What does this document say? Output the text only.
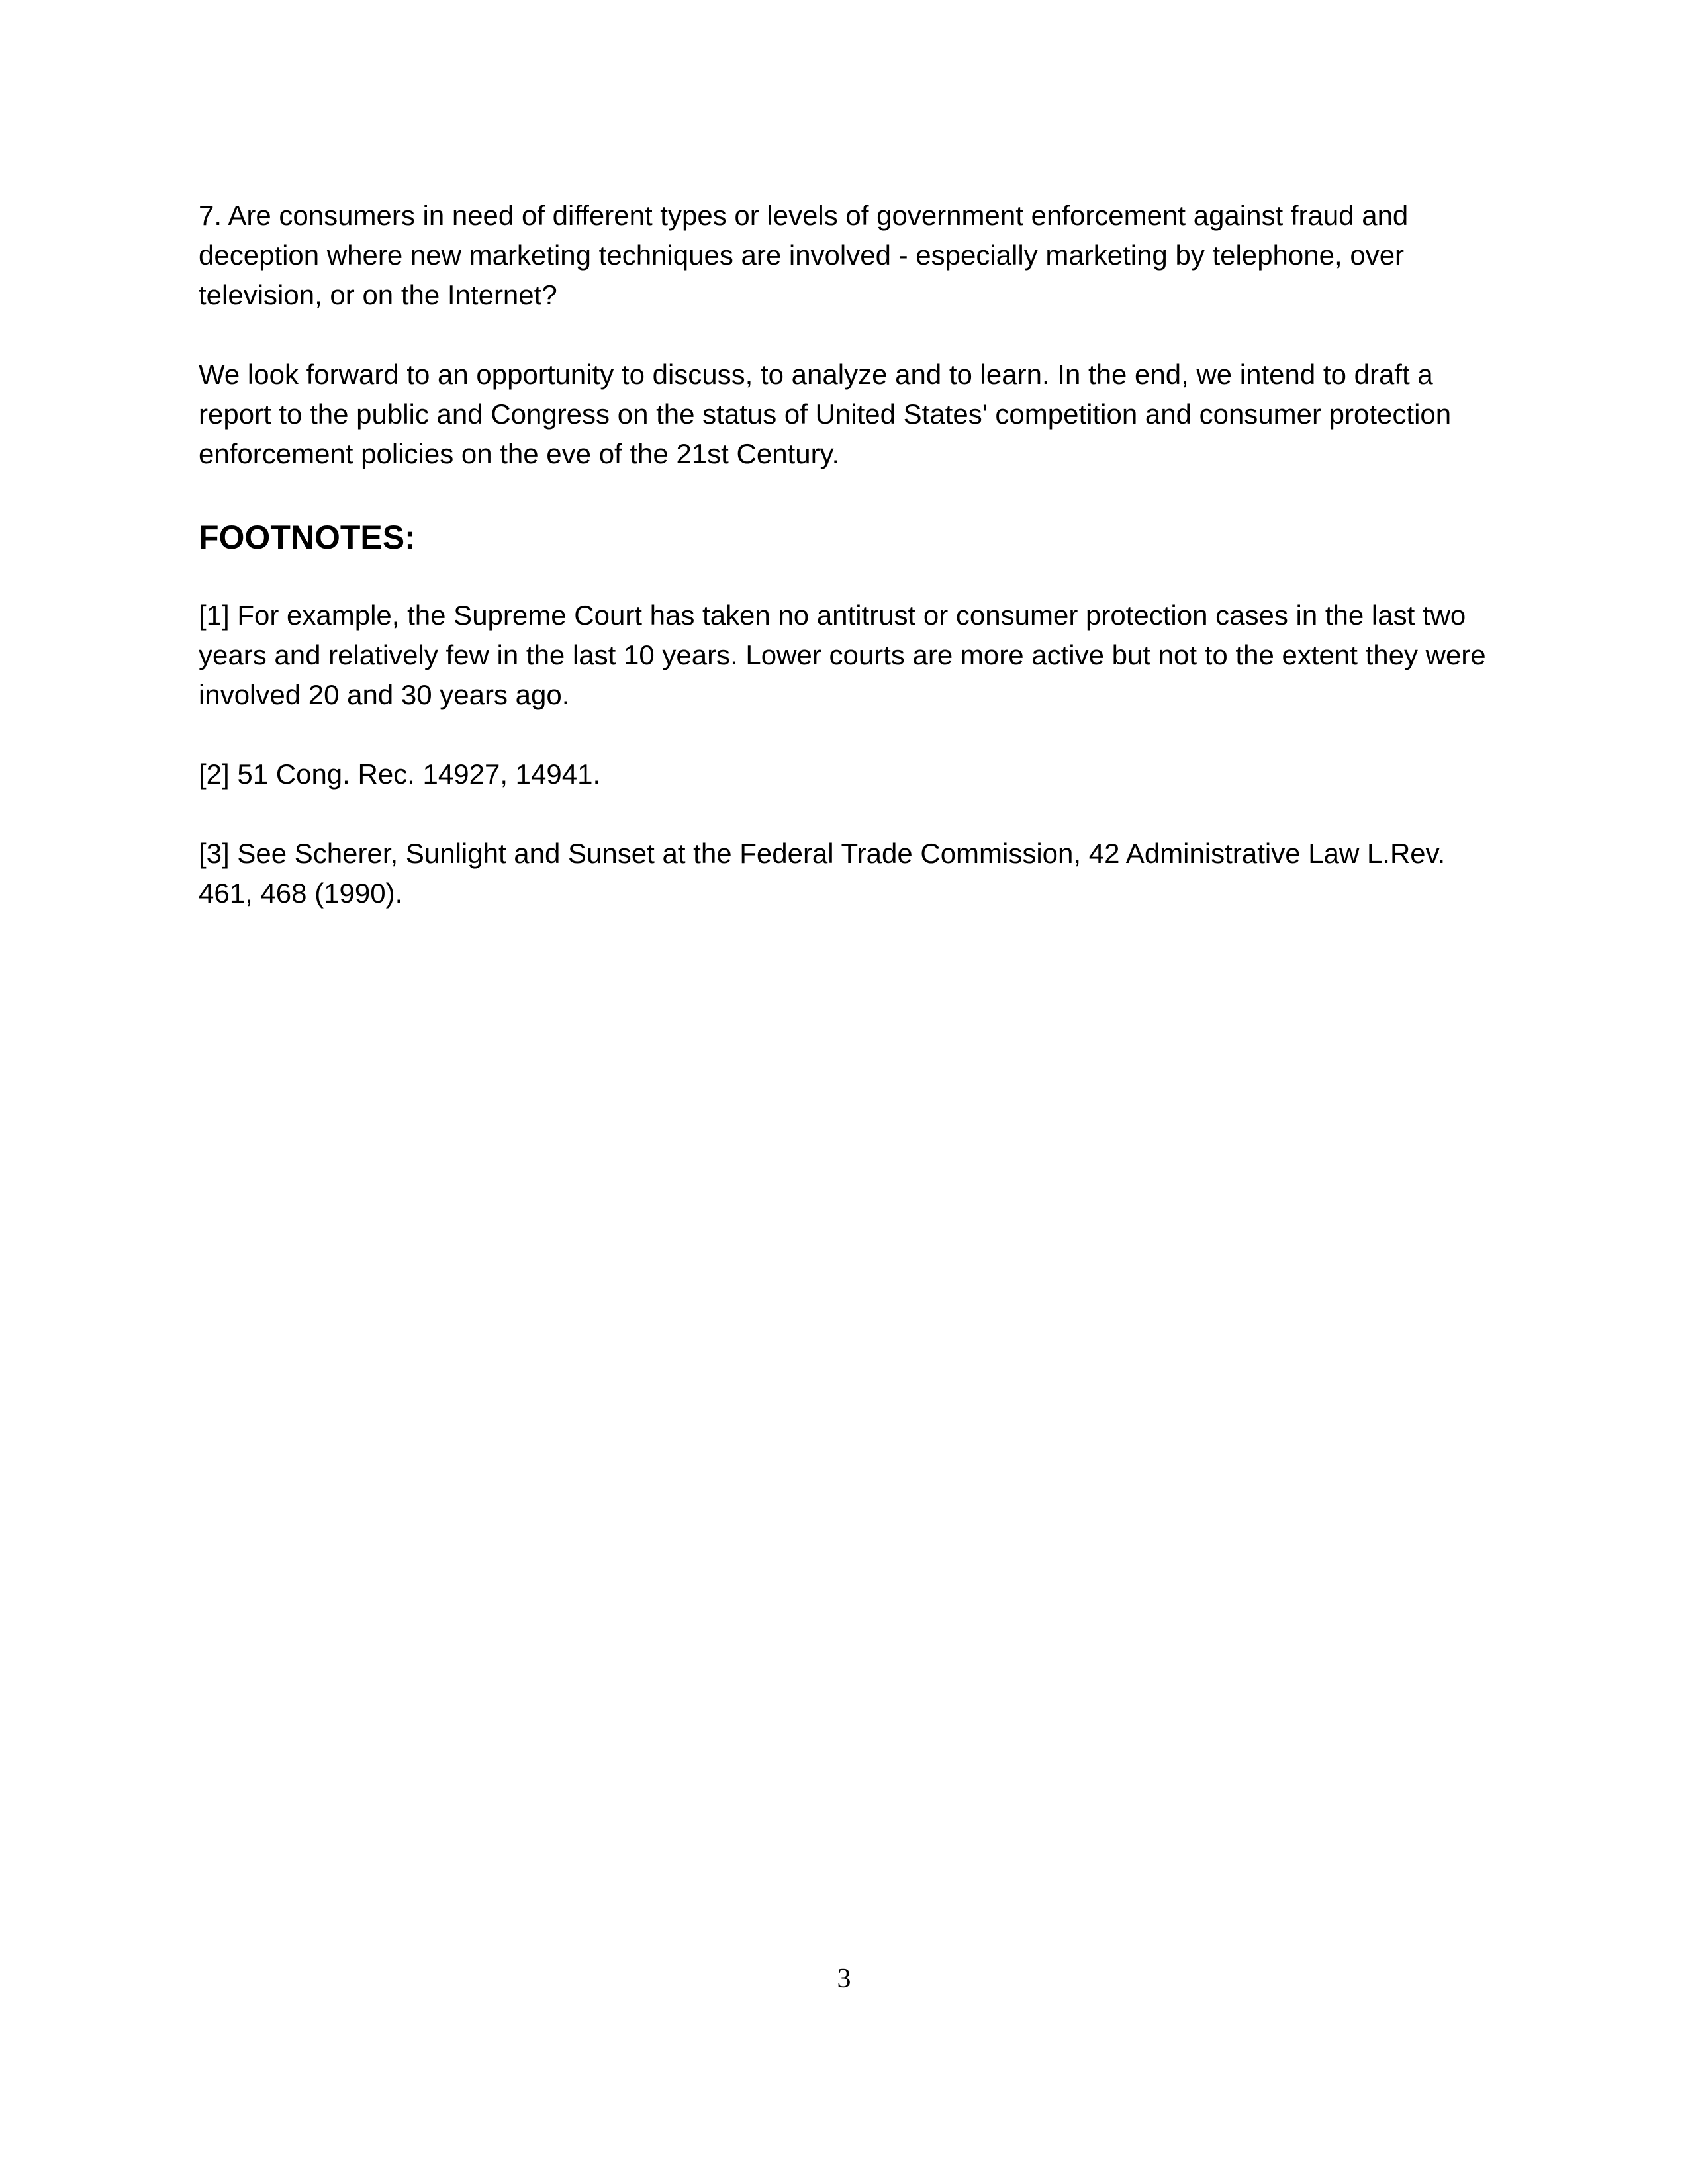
7. Are consumers in need of different types or levels of government enforcement against fraud and deception where new marketing techniques are involved - especially marketing by telephone, over television, or on the Internet?

We look forward to an opportunity to discuss, to analyze and to learn. In the end, we intend to draft a report to the public and Congress on the status of United States' competition and consumer protection enforcement policies on the eve of the 21st Century.

FOOTNOTES:

[1] For example, the Supreme Court has taken no antitrust or consumer protection cases in the last two years and relatively few in the last 10 years. Lower courts are more active but not to the extent they were involved 20 and 30 years ago.

[2] 51 Cong. Rec. 14927, 14941.

[3] See Scherer, Sunlight and Sunset at the Federal Trade Commission, 42 Administrative Law L.Rev. 461, 468 (1990).

3
